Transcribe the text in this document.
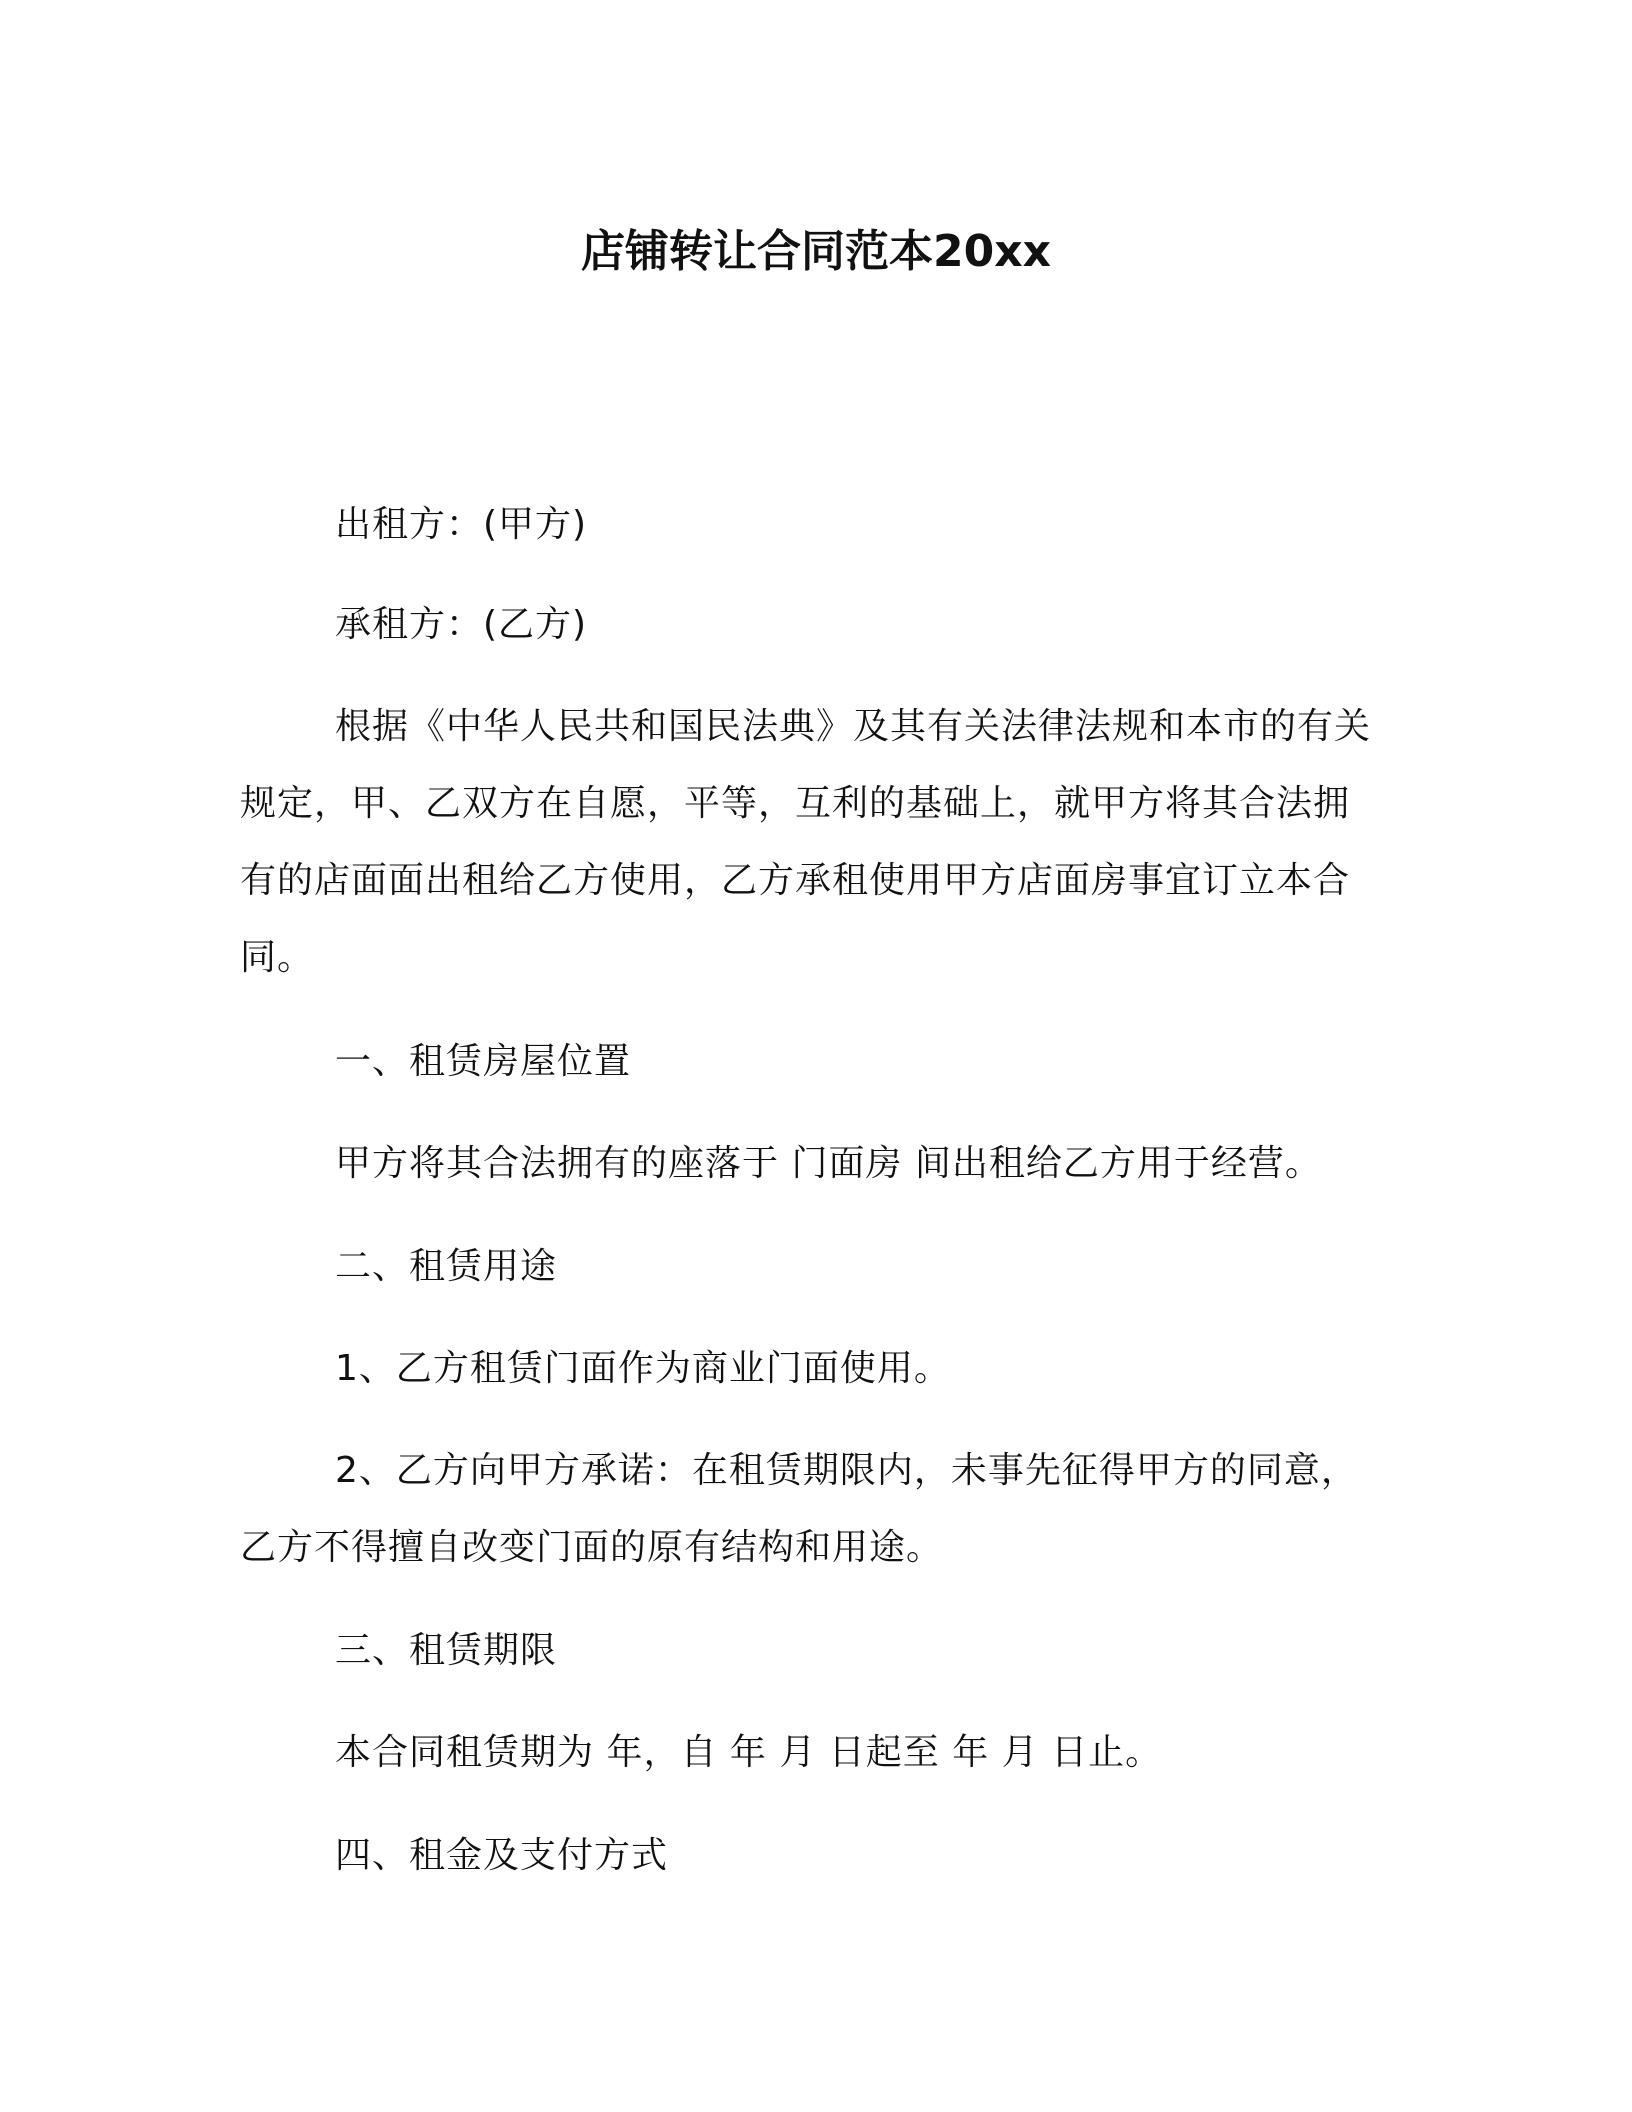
店铺转让合同范本20xx

出租方：(甲方)

承租方：(乙方)

根据《中华人民共和国民法典》及其有关法律法规和本市的有关规定，甲、乙双方在自愿，平等，互利的基础上，就甲方将其合法拥有的店面面出租给乙方使用，乙方承租使用甲方店面房事宜订立本合同。

一、租赁房屋位置

甲方将其合法拥有的座落于 门面房 间出租给乙方用于经营。

二、租赁用途

1、乙方租赁门面作为商业门面使用。

2、乙方向甲方承诺：在租赁期限内，未事先征得甲方的同意，乙方不得擅自改变门面的原有结构和用途。

三、租赁期限

本合同租赁期为 年，自 年 月 日起至 年 月 日止。

四、租金及支付方式
